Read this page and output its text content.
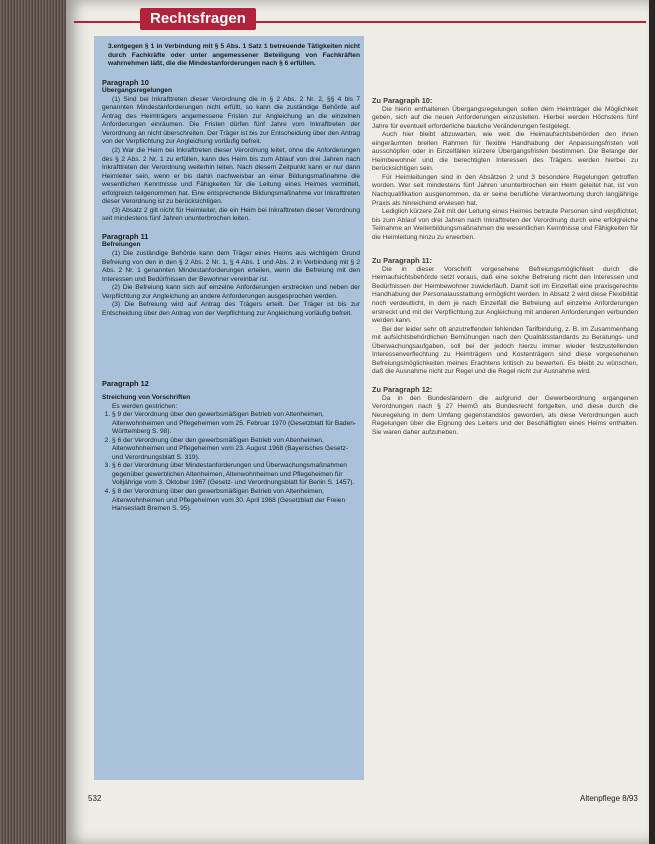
Rechtsfragen

3.entgegen § 1 in Verbindung mit § 5 Abs. 1 Satz 1 betreuende Tätigkeiten nicht durch Fachkräfte oder unter angemessener Beteiligung von Fachkräften wahrnehmen läßt, die die Mindestanforderungen nach § 6 erfüllen.

Paragraph 10

Übergangsregelungen

(1) Sind bei Inkrafttreten dieser Verordnung die in § 2 Abs. 2 Nr. 2, §§ 4 bis 7 genannten Mindestanforderungen nicht erfüllt, so kann die zuständige Behörde auf Antrag des Heimträgers angemessene Fristen zur Angleichung an die einzelnen Anforderungen einräumen. Die Fristen dürfen fünf Jahre vom Inkrafttreten der Verordnung an nicht überschreiten. Der Träger ist bis zur Entscheidung über den Antrag von der Verpflichtung zur Angleichung vorläufig befreit.

(2) War die Heim bei Inkrafttreten dieser Verordnung leitet, ohne die Anforderungen des § 2 Abs. 2 Nr. 1 zu erfüllen, kann des Heim bis zum Ablauf von drei Jahren nach Inkrafttreten der Verordnung weiterhin leiten. Nach diesem Zeitpunkt kann er nur dann Heimleiter sein, wenn er bis dahin nachweisbar an einer Bildungsmaßnahme die wesentlichen Kenntnisse und Fähigkeiten für die Leitung eines Heimes vermittelt, erfolgreich teilgenommen hat. Eine entsprechende Bildungsmaßnahme vor Inkrafttreten dieser Verordnung ist zu berücksichtigen.

(3) Absatz 2 gilt nicht für Heimleiter, die ein Heim bei Inkrafttreten dieser Verordnung seit mindestens fünf Jahren ununterbrochen leiten.

Paragraph 11

Befreiungen

(1) Die zuständige Behörde kann dem Träger eines Heims aus wichtigem Grund Befreiung von den in den § 2 Abs. 2 Nr. 1, § 4 Abs. 1 und Abs. 2 in Verbindung mit § 2 Abs. 2 Nr. 1 genannten Mindestanforderungen erteilen, wenn die Befreiung mit den Interessen und Bedürfnissen der Bewohner vereinbar ist.

(2) Die Befreiung kann sich auf einzelne Anforderungen erstrecken und neben der Verpflichtung zur Angleichung an andere Anforderungen ausgesprochen werden.

(3) Die Befreiung wird auf Antrag des Trägers erteilt. Der Träger ist bis zur Entscheidung über den Antrag von der Verpflichtung zur Angleichung vorläufig befreit.

Paragraph 12

Streichung von Vorschriften

Es werden gestrichen:

1. § 9 der Verordnung über den gewerbsmäßigen Betrieb von Altenheimen, Altenwohnheimen und Pflegeheimen vom 25. Februar 1970 (Gesetzblatt für Baden-Württemberg S. 98).
2. § 6 der Verordnung über den gewerbsmäßigen Betrieb von Altenheimen, Altenwohnheimen und Pflegeheimen vom 23. August 1968 (Bayerisches Gesetz- und Verordnungsblatt S. 319).
3. § 6 der Verordnung über Mindestanforderungen und Überwachungsmaßnahmen gegenüber gewerblichen Altenheimen, Altenwohnheimen und Pflegeheimen für Volljährige vom 3. Oktober 1967 (Gesetz- und Verordnungsblatt für Berlin S. 1457).
4. § 8 der Verordnung über den gewerbsmäßigen Betrieb von Altenheimen, Altenwohnheimen und Pflegeheimen vom 30. April 1968 (Gesetzblatt der Freien Hansestadt Bremen S. 95).

Zu Paragraph 10:

Die hierin enthaltenen Übergangsregelungen sollen dem Heimträger die Möglichkeit geben, sich auf die neuen Anforderungen einzustellen. Hierbei werden Höchstens fünf Jahre für eventuell erforderliche bauliche Veränderungen festgelegt.

Auch hier bleibt abzuwarten, wie weit die Heimaufsichtsbehörden den ihnen eingeräumten breiten Rahmen für flexible Handhabung der Anpassungsfristen voll ausschöpfen oder in Einzelfällen kürzere Übergangsfristen bestimmen. Die Belange der Heimbewohner und die berechtigten Interessen des Trägers werden hierbei zu berücksichtigen sein.

Für Heimleitungen sind in den Absätzen 2 und 3 besondere Regelungen getroffen worden. Wer seit mindestens fünf Jahren ununterbrochen ein Heim geleitet hat, ist von Nachqualifikation ausgenommen, da er seine berufliche Verantwortung durch langjährige Praxis als hinreichend erwiesen hat.

Lediglich kürzere Zeit mit der Leitung eines Heimes betraute Personen sind verpflichtet, bis zum Ablauf von drei Jahren nach Inkrafttreten der Verordnung durch eine erfolgreiche Teilnahme an Weiterbildungsmaßnahmen die wesentlichen Kenntnisse und Fähigkeiten für die Heimleitung hinzu zu erwerben.

Zu Paragraph 11:

Die in dieser Vorschrift vorgesehene Befreiungsmöglichkeit durch die Heimaufsichtsbehörde setzt voraus, daß eine solche Befreiung nicht den Interessen und Bedürfnissen der Heimbewohner zuwiderläuft. Damit soll im Einzelfall eine praxisgerechte Handhabung der Personalausstattung ermöglicht werden. In Absatz 2 wird diese Flexibilität noch verdeutlicht, in dem je nach Einzelfall die Befreiung auf einzelne Anforderungen erstreckt und mit der Verpflichtung zur Angleichung mit anderen Anforderungen verbunden werden kann.

Bei der leider sehr oft anzutreffenden fehlenden Tarifbindung, z. B. im Zusammenhang mit aufsichtsbehördlichen Bemühungen nach den Qualitätsstandards zu Beratungs- und Überwachungsaufgaben, soll bei der jedoch hierzu immer wieder festzustellenden Interessenverflechtung zu Heimträgern und Kostenträgern sind diese vorgesehenen Befreiungsmöglichkeiten meines Erachtens kritisch zu bewerten. Es bleibt zu wünschen, daß die Ausnahme nicht zur Regel und die Regel nicht zur Ausnahme wird.

Zu Paragraph 12:

Da in den Bundesländern die aufgrund der Gewerbeordnung ergangenen Verordnungen nach § 27 HeimG als Bundesrecht fortgelten, und diese durch die Neuregelung in dem Umfang gegenstandslos geworden, als diese Verordnungen auch Regelungen über die Eignung des Leiters und der Beschäftigten eines Heims enthalten. Sie waren daher aufzuheben.

532	Altenpflege 8/93
